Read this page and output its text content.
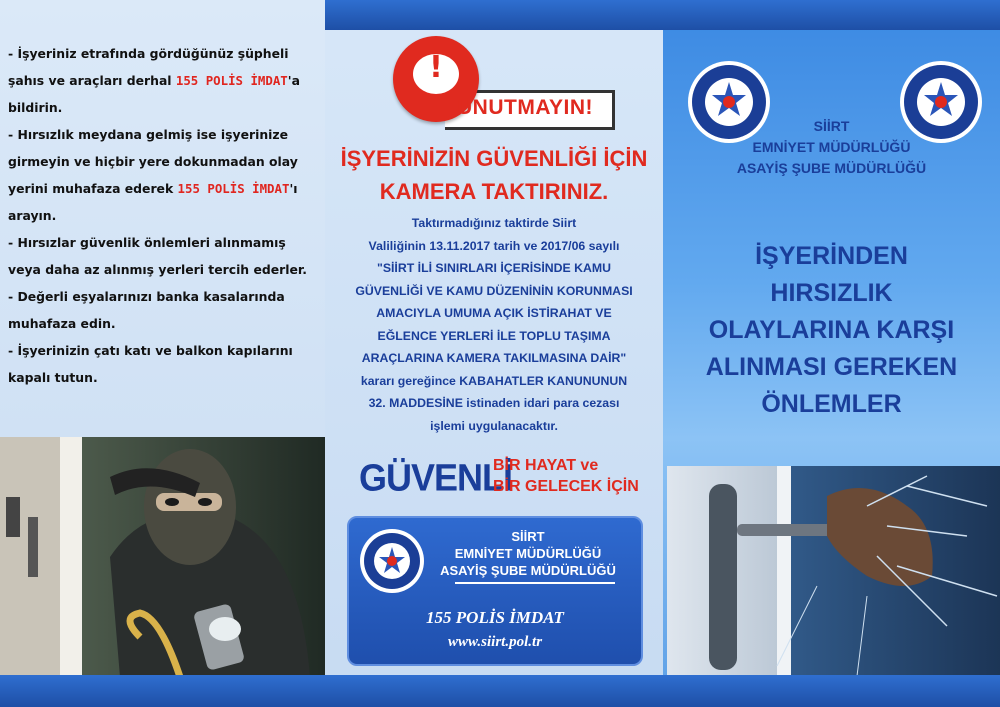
- İşyeriniz etrafında gördüğünüz şüpheli şahıs ve araçları derhal 155 POLİS İMDAT'a bildirin.

- Hırsızlık meydana gelmiş ise işyerinize girmeyin ve hiçbir yere dokunmadan olay yerini muhafaza ederek 155 POLİS İMDAT'ı arayın.

- Hırsızlar güvenlik önlemleri alınmamış veya daha az alınmış yerleri tercih ederler.

- Değerli eşyalarınızı banka kasalarında muhafaza edin.

- İşyerinizin çatı katı ve balkon kapılarını kapalı tutun.

!
UNUTMAYIN!
İŞYERİNİZİN GÜVENLİĞİ İÇİN
KAMERA TAKTIRINIZ.
Taktırmadığınız taktirde Siirt
Valiliğinin 13.11.2017 tarih ve 2017/06 sayılı
"SİİRT İLİ SINIRLARI İÇERİSİNDE KAMU
GÜVENLİĞİ VE KAMU DÜZENİNİN KORUNMASI
AMACIYLA UMUMA AÇIK İSTİRAHAT VE
EĞLENCE YERLERİ İLE TOPLU TAŞIMA
ARAÇLARINA KAMERA TAKILMASINA DAİR"
kararı gereğince KABAHATLER KANUNUNUN
32. MADDESİNE istinaden idari para cezası
işlemi uygulanacaktır.
GÜVENLİ
BİR HAYAT ve
BİR GELECEK İÇİN
SİİRT
EMNİYET MÜDÜRLÜĞÜ
ASAYİŞ ŞUBE MÜDÜRLÜĞÜ
155 POLİS İMDAT
www.siirt.pol.tr
SİİRT
EMNİYET MÜDÜRLÜĞÜ
ASAYİŞ ŞUBE MÜDÜRLÜĞÜ
İŞYERİNDEN
HIRSIZLIK
OLAYLARINA KARŞI
ALINMASI GEREKEN
ÖNLEMLER
